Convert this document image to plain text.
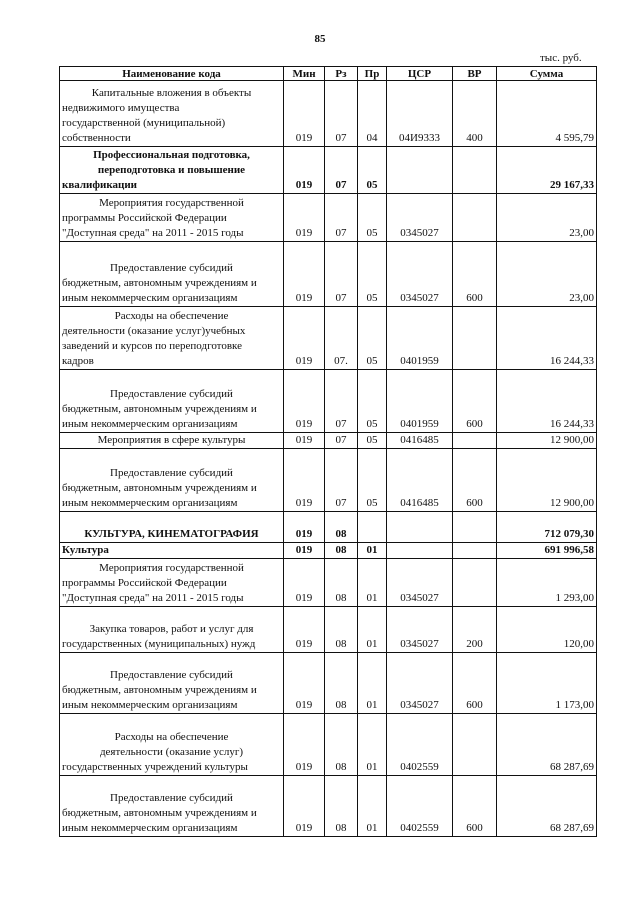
85
тыс. руб.
Наименование кода	Мин	Рз	Пр	ЦСР	ВР	Сумма

Капитальные вложения в объекты
недвижимого имущества
государственной (муниципальной)
собственности	019	07	04	04И9333	400	4 595,79

Профессиональная подготовка,
переподготовка и повышение
квалификации	019	07	05			29 167,33

Мероприятия государственной
программы Российской Федерации
"Доступная среда" на 2011 - 2015 годы	019	07	05	0345027		23,00

Предоставление субсидий
бюджетным, автономным учреждениям и
иным некоммерческим организациям	019	07	05	0345027	600	23,00

Расходы на обеспечение
деятельности (оказание услуг)учебных
заведений и курсов по переподготовке
кадров	019	07.	05	0401959		16 244,33

Предоставление субсидий
бюджетным, автономным учреждениям и
иным некоммерческим организациям	019	07	05	0401959	600	16 244,33

Мероприятия в сфере культуры	019	07	05	0416485		12 900,00

Предоставление субсидий
бюджетным, автономным учреждениям и
иным некоммерческим организациям	019	07	05	0416485	600	12 900,00

КУЛЬТУРА, КИНЕМАТОГРАФИЯ	019	08				712 079,30

Культура	019	08	01			691 996,58

Мероприятия государственной
программы Российской Федерации
"Доступная среда" на 2011 - 2015 годы	019	08	01	0345027		1 293,00

Закупка товаров, работ и услуг для
государственных (муниципальных) нужд	019	08	01	0345027	200	120,00

Предоставление субсидий
бюджетным, автономным учреждениям и
иным некоммерческим организациям	019	08	01	0345027	600	1 173,00

Расходы на обеспечение
деятельности (оказание услуг)
государственных учреждений культуры	019	08	01	0402559		68 287,69

Предоставление субсидий
бюджетным, автономным учреждениям и
иным некоммерческим организациям	019	08	01	0402559	600	68 287,69
